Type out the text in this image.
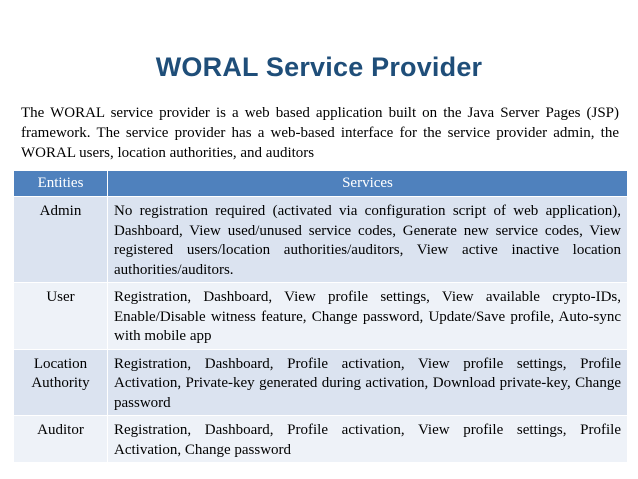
WORAL Service Provider
The WORAL service provider is a web based application built on the Java Server Pages (JSP) framework. The service provider has a web-based interface for the service provider admin, the WORAL users, location authorities, and auditors
Entities	Services
Admin	No registration required (activated via configuration script of web application), Dashboard, View used/unused service codes, Generate new service codes, View registered users/location authorities/auditors, View active inactive location authorities/auditors.
User	Registration, Dashboard, View profile settings, View available crypto-IDs, Enable/Disable witness feature, Change password, Update/Save profile, Auto-sync with mobile app
Location Authority	Registration, Dashboard, Profile activation, View profile settings, Profile Activation, Private-key generated during activation, Download private-key, Change password
Auditor	Registration, Dashboard, Profile activation, View profile settings, Profile Activation, Change password
